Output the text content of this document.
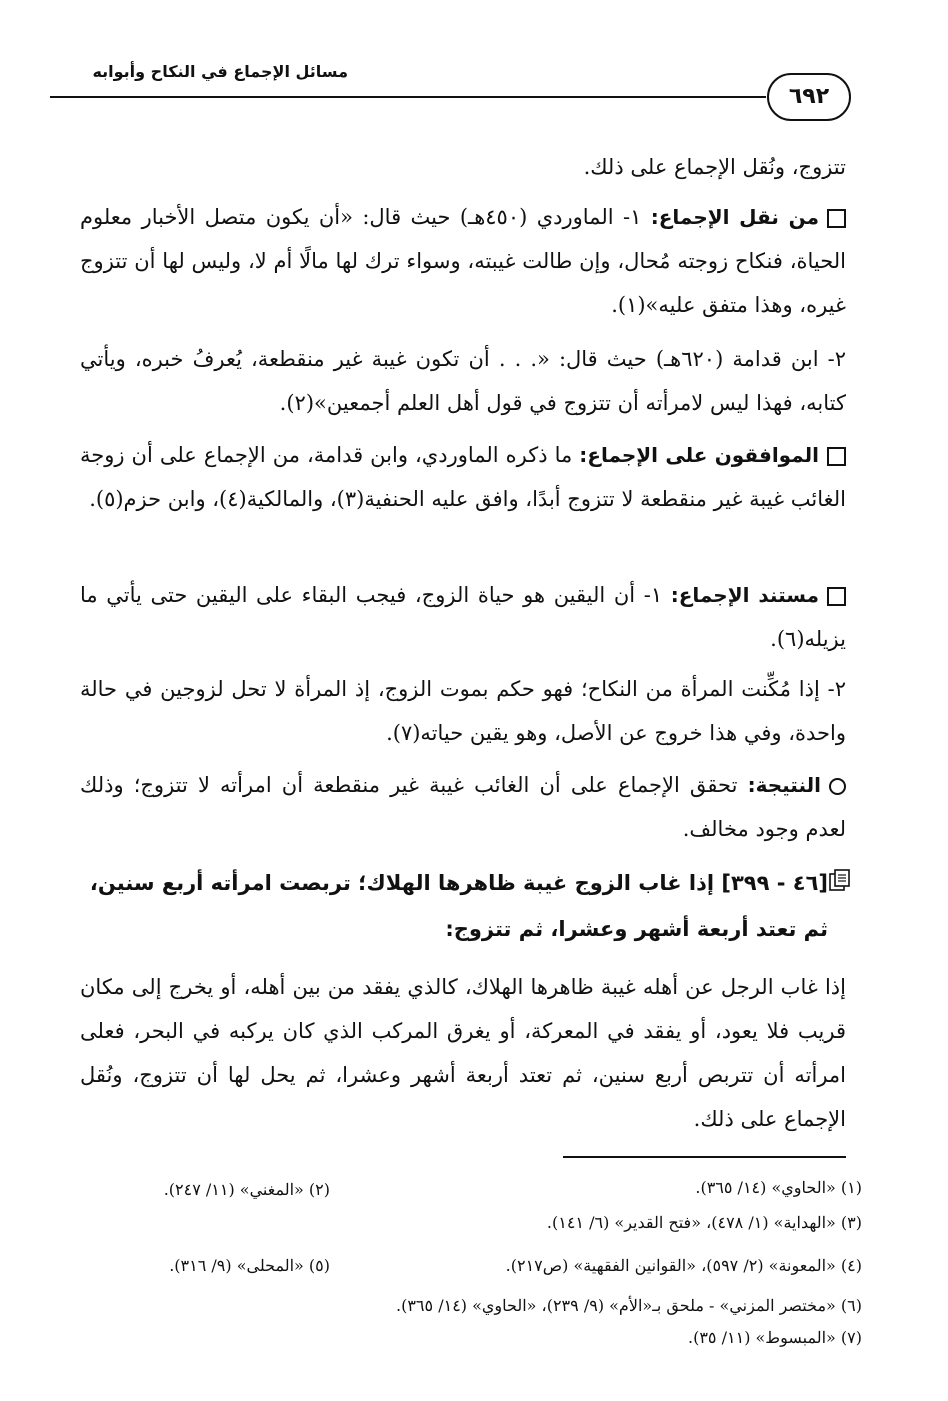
٦٩٢
مسائل الإجماع في النكاح وأبوابه
تتزوج، ونُقل الإجماع على ذلك.
من نقل الإجماع: ١- الماوردي (٤٥٠هـ) حيث قال: «أن يكون متصل الأخبار معلوم الحياة، فنكاح زوجته مُحال، وإن طالت غيبته، وسواء ترك لها مالًا أم لا، وليس لها أن تتزوج غيره، وهذا متفق عليه»(١).
٢- ابن قدامة (٦٢٠هـ) حيث قال: «. . . أن تكون غيبة غير منقطعة، يُعرفُ خبره، ويأتي كتابه، فهذا ليس لامرأته أن تتزوج في قول أهل العلم أجمعين»(٢).
الموافقون على الإجماع: ما ذكره الماوردي، وابن قدامة، من الإجماع على أن زوجة الغائب غيبة غير منقطعة لا تتزوج أبدًا، وافق عليه الحنفية(٣)، والمالكية(٤)، وابن حزم(٥).
مستند الإجماع: ١- أن اليقين هو حياة الزوج، فيجب البقاء على اليقين حتى يأتي ما يزيله(٦).
٢- إذا مُكِّنت المرأة من النكاح؛ فهو حكم بموت الزوج، إذ المرأة لا تحل لزوجين في حالة واحدة، وفي هذا خروج عن الأصل، وهو يقين حياته(٧).
النتيجة: تحقق الإجماع على أن الغائب غيبة غير منقطعة أن امرأته لا تتزوج؛ وذلك لعدم وجود مخالف.
[٤٦ - ٣٩٩] إذا غاب الزوج غيبة ظاهرها الهلاك؛ تربصت امرأته أربع سنين، ثم تعتد أربعة أشهر وعشرا، ثم تتزوج:
إذا غاب الرجل عن أهله غيبة ظاهرها الهلاك، كالذي يفقد من بين أهله، أو يخرج إلى مكان قريب فلا يعود، أو يفقد في المعركة، أو يغرق المركب الذي كان يركبه في البحر، فعلى امرأته أن تتربص أربع سنين، ثم تعتد أربعة أشهر وعشرا، ثم يحل لها أن تتزوج، ونُقل الإجماع على ذلك.
(١) «الحاوي» (١٤/ ٣٦٥).
(٢) «المغني» (١١/ ٢٤٧).
(٣) «الهداية» (١/ ٤٧٨)، «فتح القدير» (٦/ ١٤١).
(٤) «المعونة» (٢/ ٥٩٧)، «القوانين الفقهية» (ص٢١٧).
(٥) «المحلى» (٩/ ٣١٦).
(٦) «مختصر المزني» - ملحق بـ«الأم» (٩/ ٢٣٩)، «الحاوي» (١٤/ ٣٦٥).
(٧) «المبسوط» (١١/ ٣٥).
